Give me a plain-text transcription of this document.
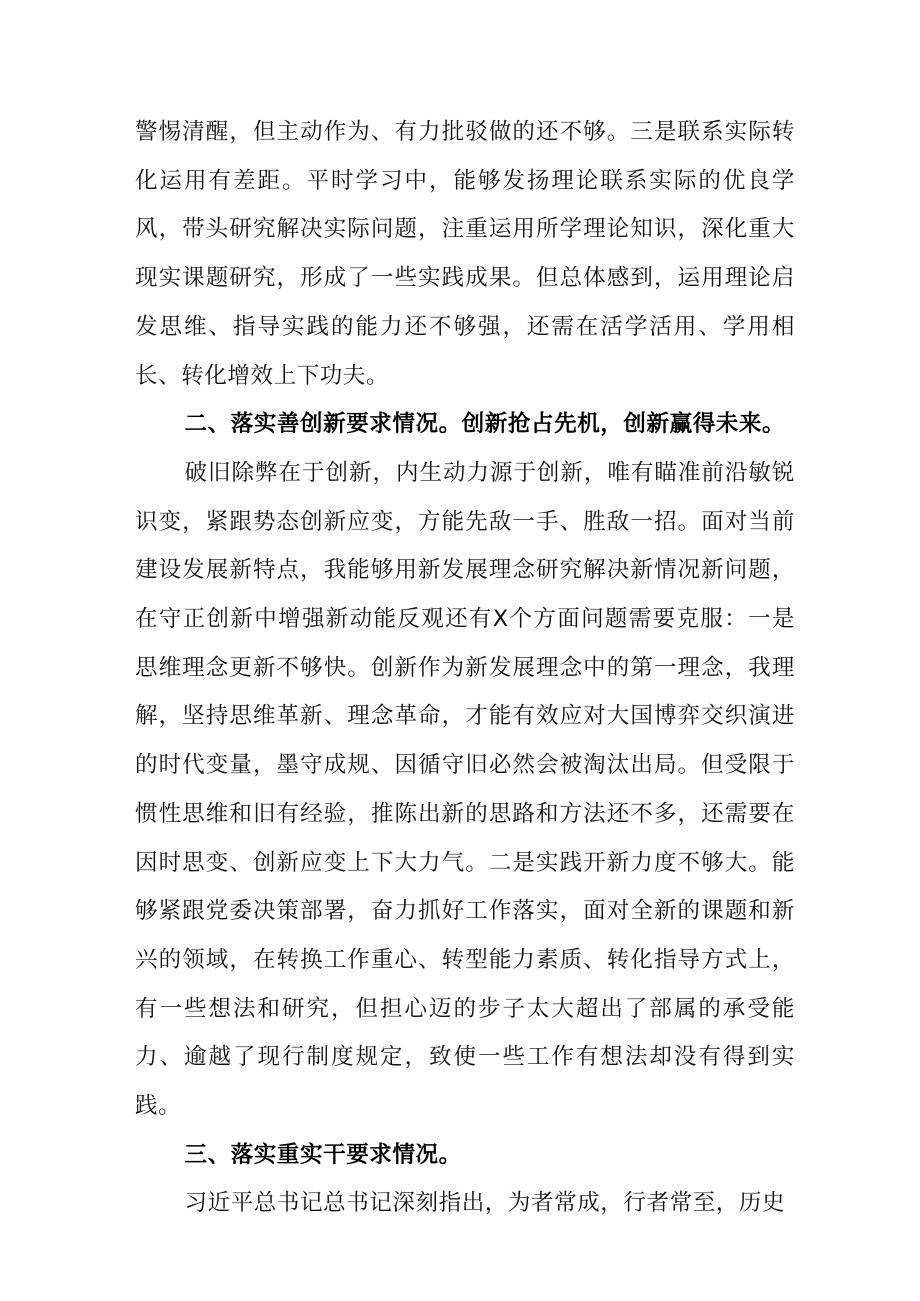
警惕清醒，但主动作为、有力批驳做的还不够。三是联系实际转化运用有差距。平时学习中，能够发扬理论联系实际的优良学风，带头研究解决实际问题，注重运用所学理论知识，深化重大现实课题研究，形成了一些实践成果。但总体感到，运用理论启发思维、指导实践的能力还不够强，还需在活学活用、学用相长、转化增效上下功夫。

二、落实善创新要求情况。创新抢占先机，创新赢得未来。

破旧除弊在于创新，内生动力源于创新，唯有瞄准前沿敏锐识变，紧跟势态创新应变，方能先敌一手、胜敌一招。面对当前建设发展新特点，我能够用新发展理念研究解决新情况新问题，在守正创新中增强新动能反观还有X个方面问题需要克服：一是思维理念更新不够快。创新作为新发展理念中的第一理念，我理解，坚持思维革新、理念革命，才能有效应对大国博弈交织演进的时代变量，墨守成规、因循守旧必然会被淘汰出局。但受限于惯性思维和旧有经验，推陈出新的思路和方法还不多，还需要在因时思变、创新应变上下大力气。二是实践开新力度不够大。能够紧跟党委决策部署，奋力抓好工作落实，面对全新的课题和新兴的领域，在转换工作重心、转型能力素质、转化指导方式上，有一些想法和研究，但担心迈的步子太大超出了部属的承受能力、逾越了现行制度规定，致使一些工作有想法却没有得到实践。

三、落实重实干要求情况。

习近平总书记总书记深刻指出，为者常成，行者常至，历史
